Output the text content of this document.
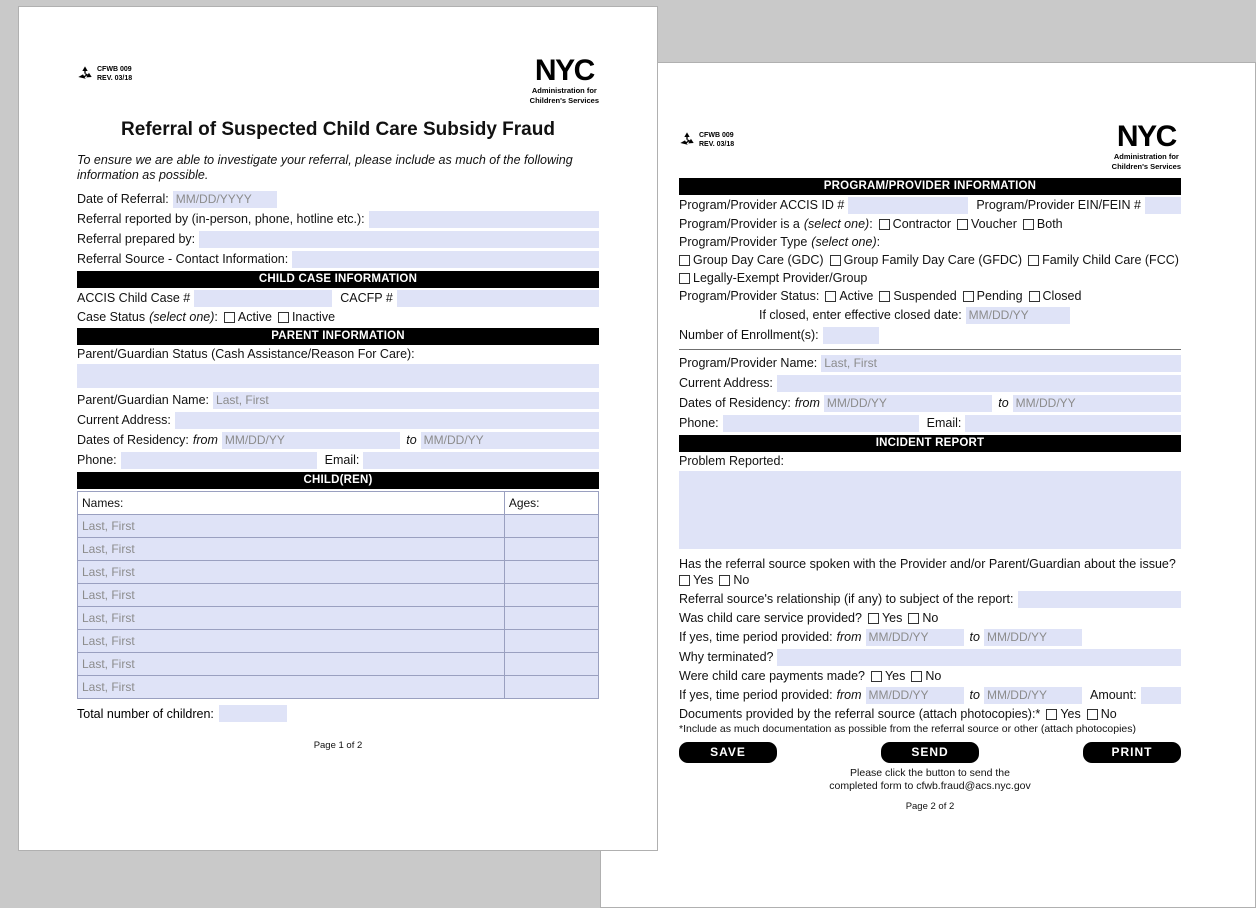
CFWB 009
REV. 03/18	NYC
Administration for
Children's Services
PROGRAM/PROVIDER INFORMATION
Program/Provider ACCIS ID #	Program/Provider EIN/FEIN #
Program/Provider is a (select one) : Contractor Voucher Both
Program/Provider Type (select one) :
Group Day Care (GDC) Group Family Day Care (GFDC) Family Child Care (FCC)
Legally-Exempt Provider/Group
Program/Provider Status: Active Suspended Pending Closed
If closed, enter effective closed date: MM/DD/YY
Number of Enrollment(s):
Program/Provider Name: Last, First
Current Address:
Dates of Residency: from MM/DD/YY	to MM/DD/YY
Phone:	Email:
INCIDENT REPORT
Problem Reported:
Has the referral source spoken with the Provider and/or Parent/Guardian about the issue?
Yes No
Referral source's relationship (if any) to subject of the report:
Was child care service provided? Yes No
If yes, time period provided: from MM/DD/YY	to MM/DD/YY
Why terminated?
Were child care payments made? Yes No
If yes, time period provided: from MM/DD/YY	to MM/DD/YY	Amount:
Documents provided by the referral source (attach photocopies):* Yes No
*Include as much documentation as possible from the referral source or other (attach photocopies)
SAVE	SEND	PRINT
Please click the button to send the
completed form to cfwb.fraud@acs.nyc.gov
Page 2 of 2
CFWB 009
REV. 03/18	NYC
Administration for
Children's Services
Referral of Suspected Child Care Subsidy Fraud

To ensure we are able to investigate your referral, please include as much of the following information as possible.

Date of Referral: MM/DD/YYYY
Referral reported by (in-person, phone, hotline etc.):
Referral prepared by:
Referral Source - Contact Information:
CHILD CASE INFORMATION
ACCIS Child Case #	CACFP #
Case Status (select one) : Active Inactive
PARENT INFORMATION
Parent/Guardian Status (Cash Assistance/Reason For Care):
Parent/Guardian Name: Last, First
Current Address:
Dates of Residency: from MM/DD/YY	to MM/DD/YY
Phone:	Email:
CHILD(REN)
Names:	Ages:
Last, First	
Last, First	
Last, First	
Last, First	
Last, First	
Last, First	
Last, First	
Last, First	
Total number of children:
Page 1 of 2
